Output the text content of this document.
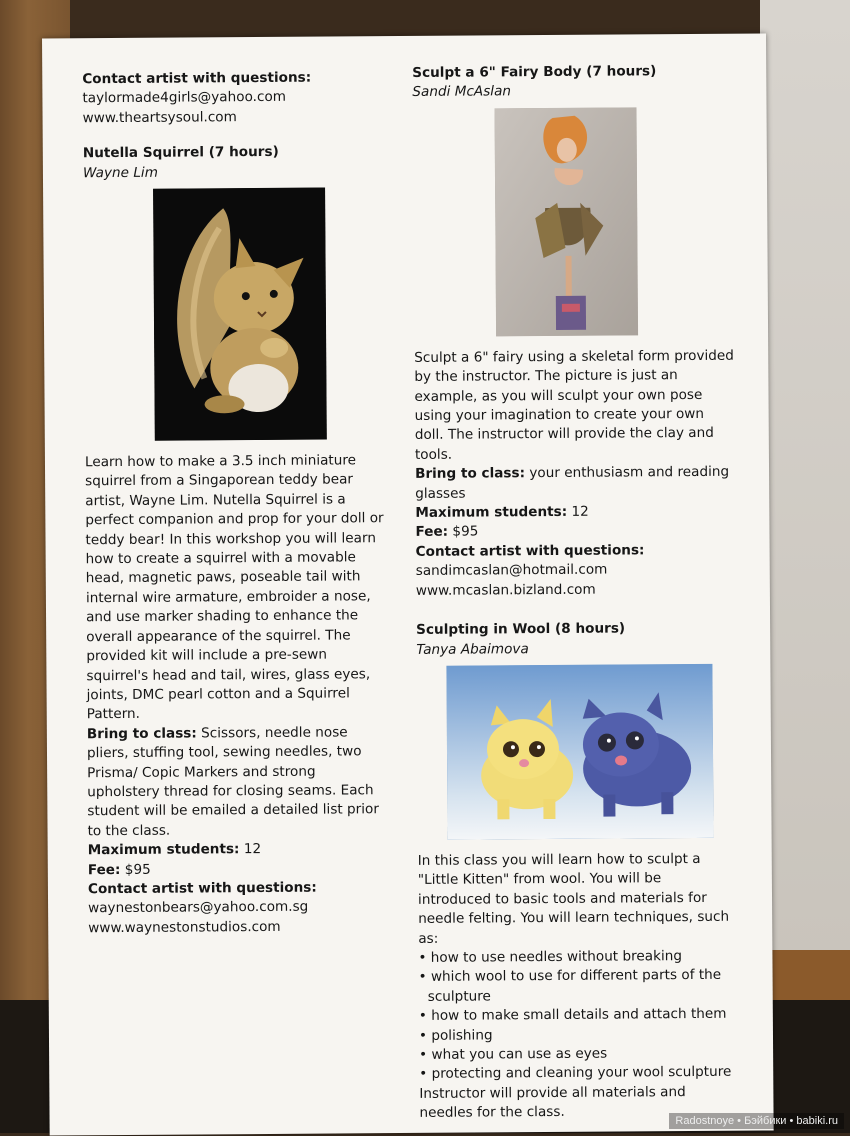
Contact artist with questions:

taylormade4girls@yahoo.com

www.theartsysoul.com

Nutella Squirrel (7 hours)

Wayne Lim

Learn how to make a 3.5 inch miniature squirrel from a Singaporean teddy bear artist, Wayne Lim. Nutella Squirrel is a perfect companion and prop for your doll or teddy bear! In this workshop you will learn how to create a squirrel with a movable head, magnetic paws, poseable tail with internal wire armature, embroider a nose, and use marker shading to enhance the overall appearance of the squirrel. The provided kit will include a pre-sewn squirrel's head and tail, wires, glass eyes, joints, DMC pearl cotton and a Squirrel Pattern.

Bring to class: Scissors, needle nose pliers, stuffing tool, sewing needles, two Prisma/ Copic Markers and strong upholstery thread for closing seams. Each student will be emailed a detailed list prior to the class.

Maximum students: 12

Fee: $95

Contact artist with questions:

waynestonbears@yahoo.com.sg

www.waynestonstudios.com

Sculpt a 6" Fairy Body (7 hours)

Sandi McAslan

Sculpt a 6" fairy using a skeletal form provided by the instructor. The picture is just an example, as you will sculpt your own pose using your imagination to create your own doll. The instructor will provide the clay and tools.

Bring to class: your enthusiasm and reading glasses

Maximum students: 12

Fee: $95

Contact artist with questions:

sandimcaslan@hotmail.com

www.mcaslan.bizland.com

Sculpting in Wool (8 hours)

Tanya Abaimova

In this class you will learn how to sculpt a "Little Kitten" from wool. You will be introduced to basic tools and materials for needle felting. You will learn techniques, such as:

• how to use needles without breaking
• which wool to use for different parts of the sculpture
• how to make small details and attach them
• polishing
• what you can use as eyes
• protecting and cleaning your wool sculpture

Instructor will provide all materials and needles for the class.	Radostnoye • Бэйбики • babiki.ru
